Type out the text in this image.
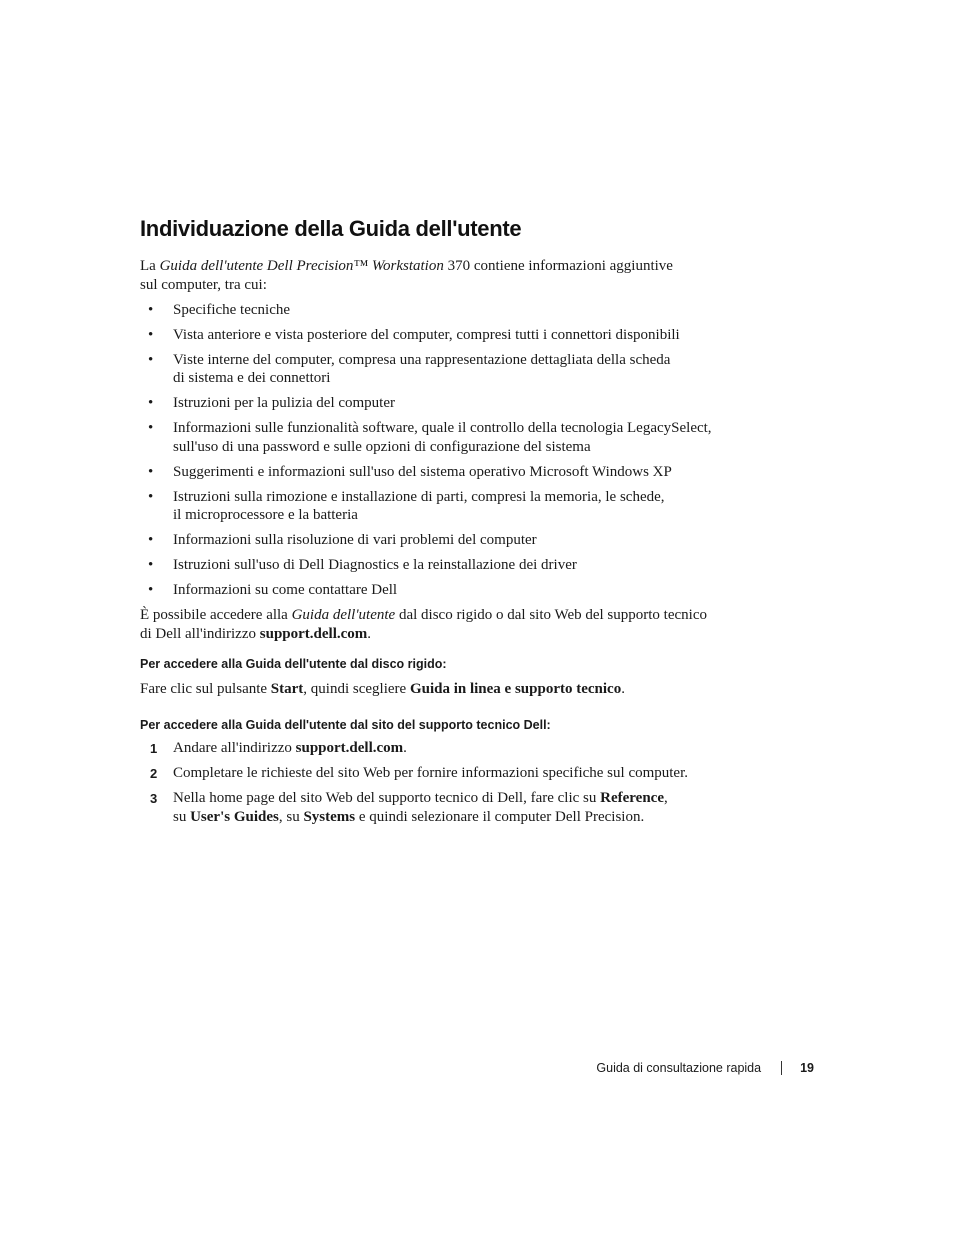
Individuazione della Guida dell'utente

La Guida dell'utente Dell Precision™ Workstation 370 contiene informazioni aggiuntive
sul computer, tra cui:

• Specifiche tecniche
• Vista anteriore e vista posteriore del computer, compresi tutti i connettori disponibili
• Viste interne del computer, compresa una rappresentazione dettagliata della scheda
di sistema e dei connettori
• Istruzioni per la pulizia del computer
• Informazioni sulle funzionalità software, quale il controllo della tecnologia LegacySelect,
sull'uso di una password e sulle opzioni di configurazione del sistema
• Suggerimenti e informazioni sull'uso del sistema operativo Microsoft Windows XP
• Istruzioni sulla rimozione e installazione di parti, compresi la memoria, le schede,
il microprocessore e la batteria
• Informazioni sulla risoluzione di vari problemi del computer
• Istruzioni sull'uso di Dell Diagnostics e la reinstallazione dei driver
• Informazioni su come contattare Dell

È possibile accedere alla Guida dell'utente dal disco rigido o dal sito Web del supporto tecnico
di Dell all'indirizzo support.dell.com.

Per accedere alla Guida dell'utente dal disco rigido:

Fare clic sul pulsante Start, quindi scegliere Guida in linea e supporto tecnico.

Per accedere alla Guida dell'utente dal sito del supporto tecnico Dell:

1 Andare all'indirizzo support.dell.com.
2 Completare le richieste del sito Web per fornire informazioni specifiche sul computer.
3 Nella home page del sito Web del supporto tecnico di Dell, fare clic su Reference,
su User's Guides, su Systems e quindi selezionare il computer Dell Precision.
Guida di consultazione rapida	19
